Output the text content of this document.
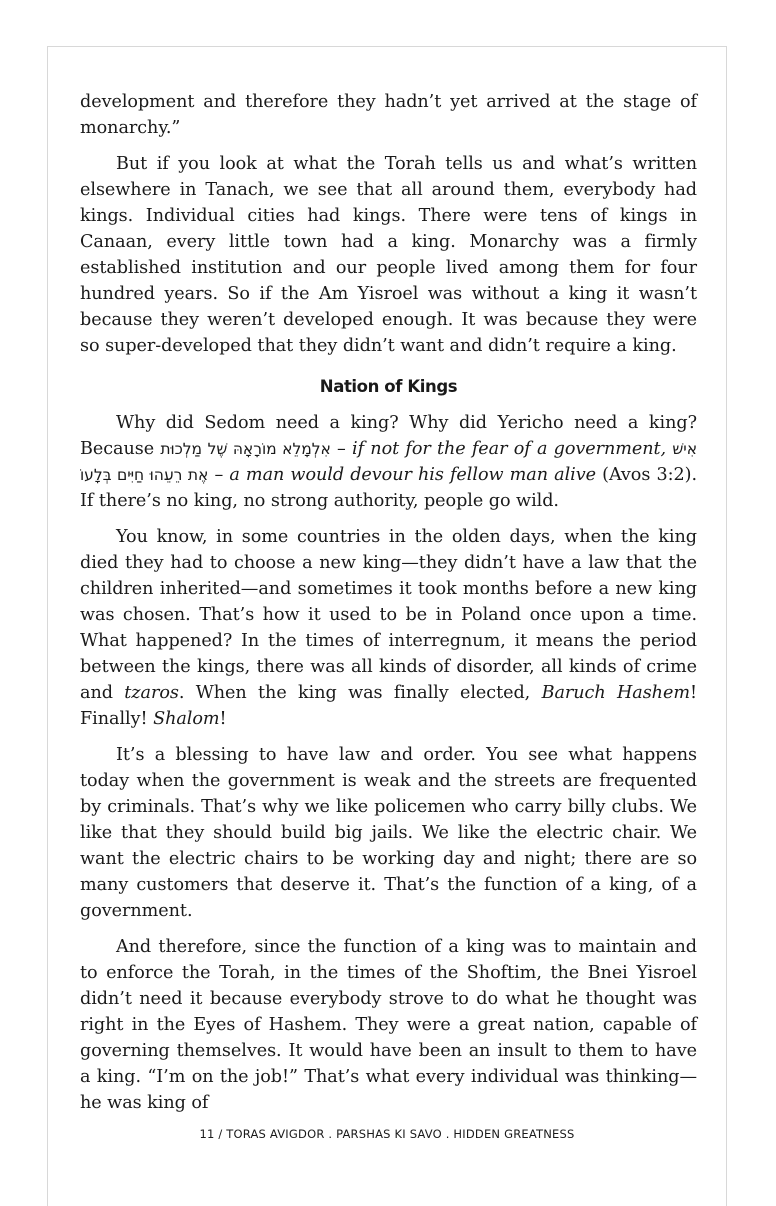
development and therefore they hadn’t yet arrived at the stage of monarchy.”

But if you look at what the Torah tells us and what’s written elsewhere in Tanach, we see that all around them, everybody had kings. Individual cities had kings. There were tens of kings in Canaan, every little town had a king. Monarchy was a firmly established institution and our people lived among them for four hundred years. So if the Am Yisroel was without a king it wasn’t because they weren’t developed enough. It was because they were so super-developed that they didn’t want and didn’t require a king.

Nation of Kings

Why did Sedom need a king? Why did Yericho need a king? Because אִלְמָלֵא מוֹרָאָהּ שֶׁל מַלְכוּת – if not for the fear of a government, אִישׁ אֶת רֵעֵהוּ חַיִּים בְּלָעוֹ – a man would devour his fellow man alive (Avos 3:2). If there’s no king, no strong authority, people go wild.

You know, in some countries in the olden days, when the king died they had to choose a new king—they didn’t have a law that the children inherited—and sometimes it took months before a new king was chosen. That’s how it used to be in Poland once upon a time. What happened? In the times of interregnum, it means the period between the kings, there was all kinds of disorder, all kinds of crime and tzaros. When the king was finally elected, Baruch Hashem! Finally! Shalom!

It’s a blessing to have law and order. You see what happens today when the government is weak and the streets are frequented by criminals. That’s why we like policemen who carry billy clubs. We like that they should build big jails. We like the electric chair. We want the electric chairs to be working day and night; there are so many customers that deserve it. That’s the function of a king, of a government.

And therefore, since the function of a king was to maintain and to enforce the Torah, in the times of the Shoftim, the Bnei Yisroel didn’t need it because everybody strove to do what he thought was right in the Eyes of Hashem. They were a great nation, capable of governing themselves. It would have been an insult to them to have a king. “I’m on the job!” That’s what every individual was thinking—he was king of

11 / TORAS AVIGDOR . PARSHAS KI SAVO . HIDDEN GREATNESS
